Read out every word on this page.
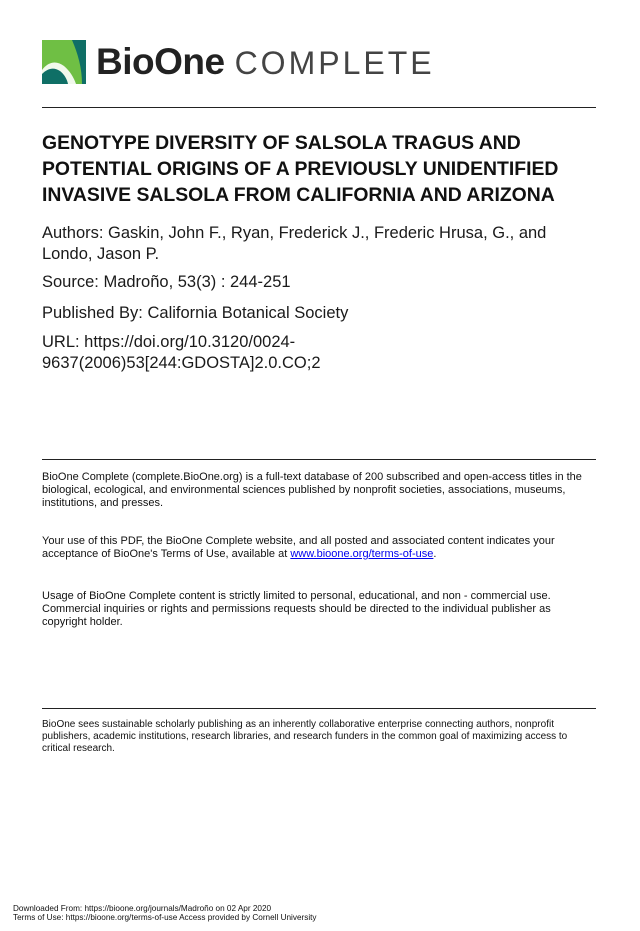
BioOne COMPLETE
GENOTYPE DIVERSITY OF SALSOLA TRAGUS AND POTENTIAL ORIGINS OF A PREVIOUSLY UNIDENTIFIED INVASIVE SALSOLA FROM CALIFORNIA AND ARIZONA

Authors: Gaskin, John F., Ryan, Frederick J., Frederic Hrusa, G., and Londo, Jason P.

Source: Madroño, 53(3) : 244-251

Published By: California Botanical Society

URL: https://doi.org/10.3120/0024-
9637(2006)53[244:GDOSTA]2.0.CO;2

BioOne Complete (complete.BioOne.org) is a full-text database of 200 subscribed and open-access titles in the biological, ecological, and environmental sciences published by nonprofit societies, associations, museums, institutions, and presses.

Your use of this PDF, the BioOne Complete website, and all posted and associated content indicates your acceptance of BioOne's Terms of Use, available at www.bioone.org/terms-of-use.

Usage of BioOne Complete content is strictly limited to personal, educational, and non - commercial use. Commercial inquiries or rights and permissions requests should be directed to the individual publisher as copyright holder.

BioOne sees sustainable scholarly publishing as an inherently collaborative enterprise connecting authors, nonprofit publishers, academic institutions, research libraries, and research funders in the common goal of maximizing access to critical research.

Downloaded From: https://bioone.org/journals/Madroño on 02 Apr 2020

Terms of Use: https://bioone.org/terms-of-use Access provided by Cornell University
